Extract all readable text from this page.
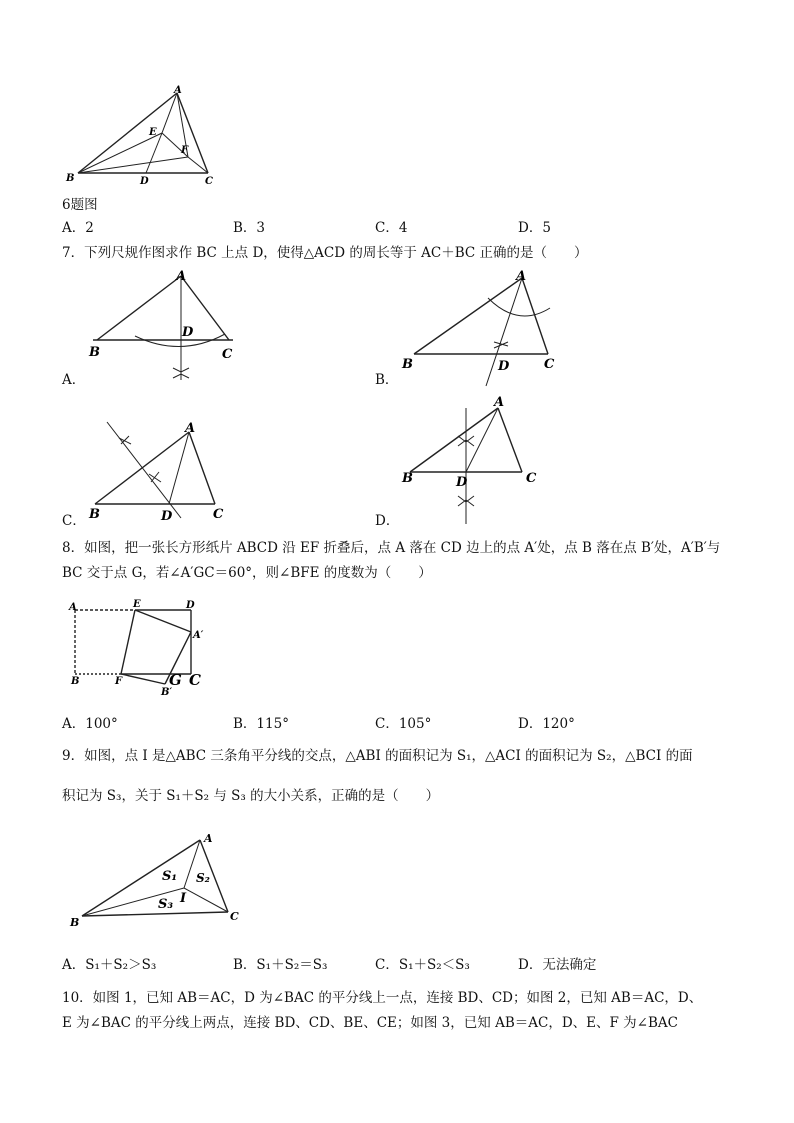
A
E
F
B	D	C
6题图
A．2	B．3	C．4	D．5
7．下列尺规作图求作 BC 上点 D，使得△ACD 的周长等于 AC＋BC 正确的是（　　）
A
D
B	C
A．
A
B	D	C
B．
A
B	D	C
C．
A
B	D	C
D．
8．如图，把一张长方形纸片 ABCD 沿 EF 折叠后，点 A 落在 CD 边上的点 A′处，点 B 落在点 B′处，A′B′与
BC 交于点 G，若∠A′GC＝60°，则∠BFE 的度数为（　　）
A	E	D
A′
B	F
B′
G C
A．100°	B．115°	C．105°	D．120°
9．如图，点 I 是△ABC 三条角平分线的交点，△ABI 的面积记为 S₁，△ACI 的面积记为 S₂，△BCI 的面
积记为 S₃，关于 S₁＋S₂ 与 S₃ 的大小关系，正确的是（　　）
A
S₁ S₂
I
S₃
B	C
A．S₁＋S₂＞S₃	B．S₁＋S₂＝S₃	C．S₁＋S₂＜S₃	D．无法确定
10．如图 1，已知 AB＝AC，D 为∠BAC 的平分线上一点，连接 BD、CD；如图 2，已知 AB＝AC，D、
E 为∠BAC 的平分线上两点，连接 BD、CD、BE、CE；如图 3，已知 AB＝AC，D、E、F 为∠BAC
